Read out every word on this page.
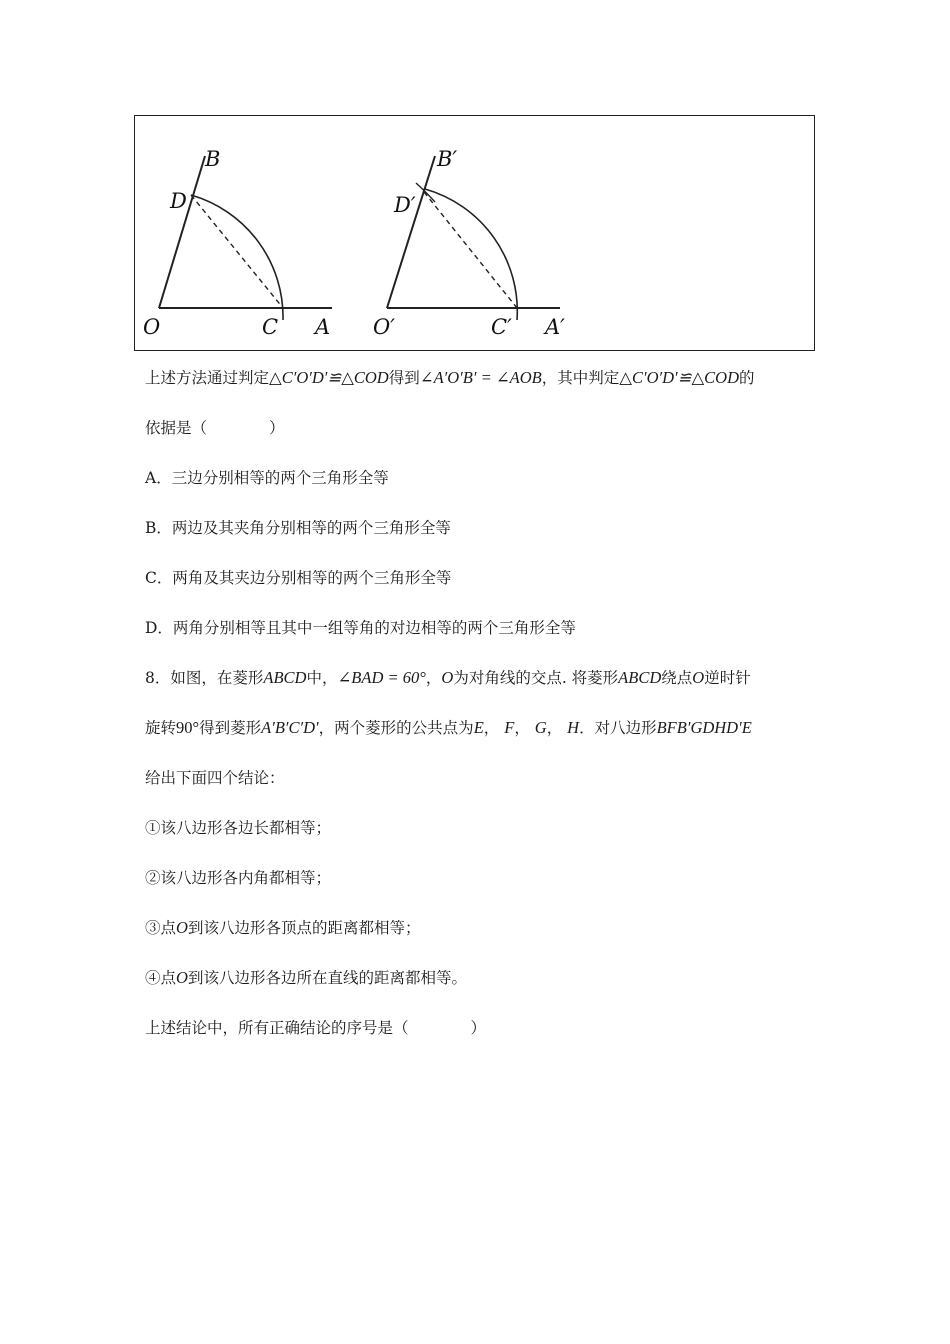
O	C A
D
B
O′	C′ A′
D′
B′
上述方法通过判定△C′O′D′≌△COD得到∠A′O′B′ = ∠AOB，其中判定△C′O′D′≌△COD的
依据是（　　　　）
A．三边分别相等的两个三角形全等
B．两边及其夹角分别相等的两个三角形全等
C．两角及其夹边分别相等的两个三角形全等
D．两角分别相等且其中一组等角的对边相等的两个三角形全等
8．如图，在菱形ABCD中，∠BAD = 60°，O为对角线的交点. 将菱形ABCD绕点O逆时针
旋转90°得到菱形A′B′C′D′，两个菱形的公共点为E， F， G， H．对八边形BFB′GDHD′E
给出下面四个结论：
①该八边形各边长都相等；
②该八边形各内角都相等；
③点O到该八边形各顶点的距离都相等；
④点O到该八边形各边所在直线的距离都相等。
上述结论中，所有正确结论的序号是（　　　　）
